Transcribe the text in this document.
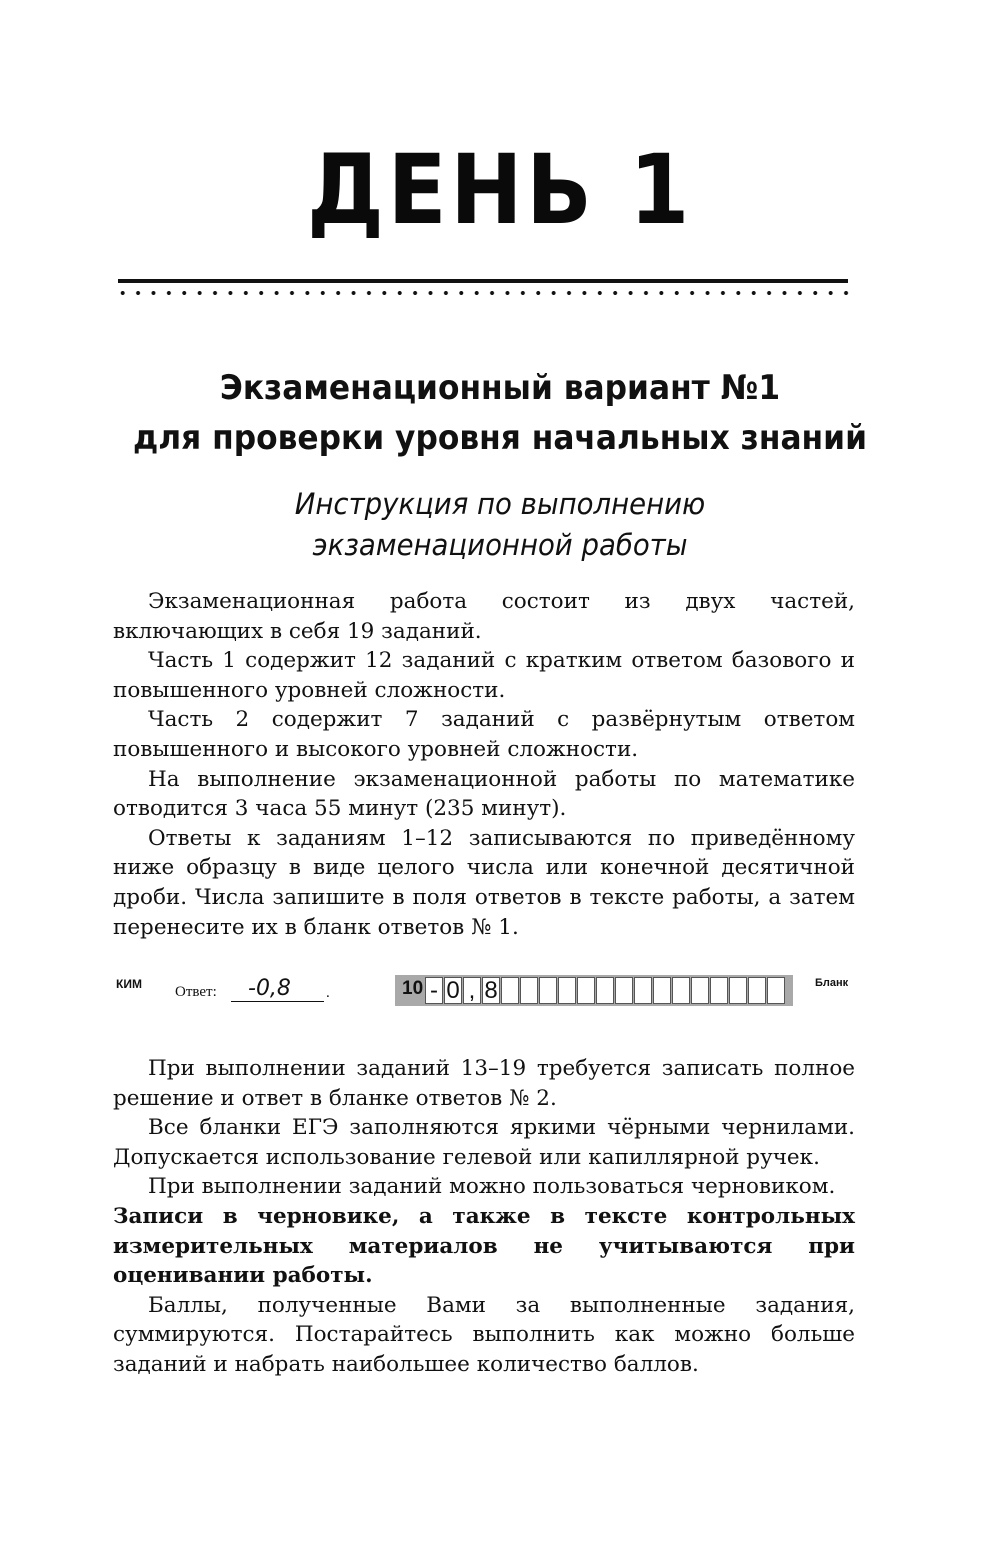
ДЕНЬ 1
Экзаменационный вариант №1
для проверки уровня начальных знаний
Инструкция по выполнению
экзаменационной работы

Экзаменационная работа состоит из двух частей, включающих в себя 19 заданий.

Часть 1 содержит 12 заданий с кратким ответом базового и повышенного уровней сложности.

Часть 2 содержит 7 заданий с развёрнутым ответом повышенного и высокого уровней сложности.

На выполнение экзаменационной работы по математике отводится 3 часа 55 минут (235 минут).

Ответы к заданиям 1–12 записываются по приведённому ниже образцу в виде целого числа или конечной десятичной дроби. Числа запишите в поля ответов в тексте работы, а затем перенесите их в бланк ответов № 1.

КИМ Ответ: -0,8 .	10 - 0 , 8	Бланк

При выполнении заданий 13–19 требуется записать полное решение и ответ в бланке ответов № 2.

Все бланки ЕГЭ заполняются яркими чёрными чернилами. Допускается использование гелевой или капиллярной ручек.

При выполнении заданий можно пользоваться черновиком.

Записи в черновике, а также в тексте контрольных измерительных материалов не учитываются при оценивании работы.

Баллы, полученные Вами за выполненные задания, суммируются. Постарайтесь выполнить как можно больше заданий и набрать наибольшее количество баллов.
